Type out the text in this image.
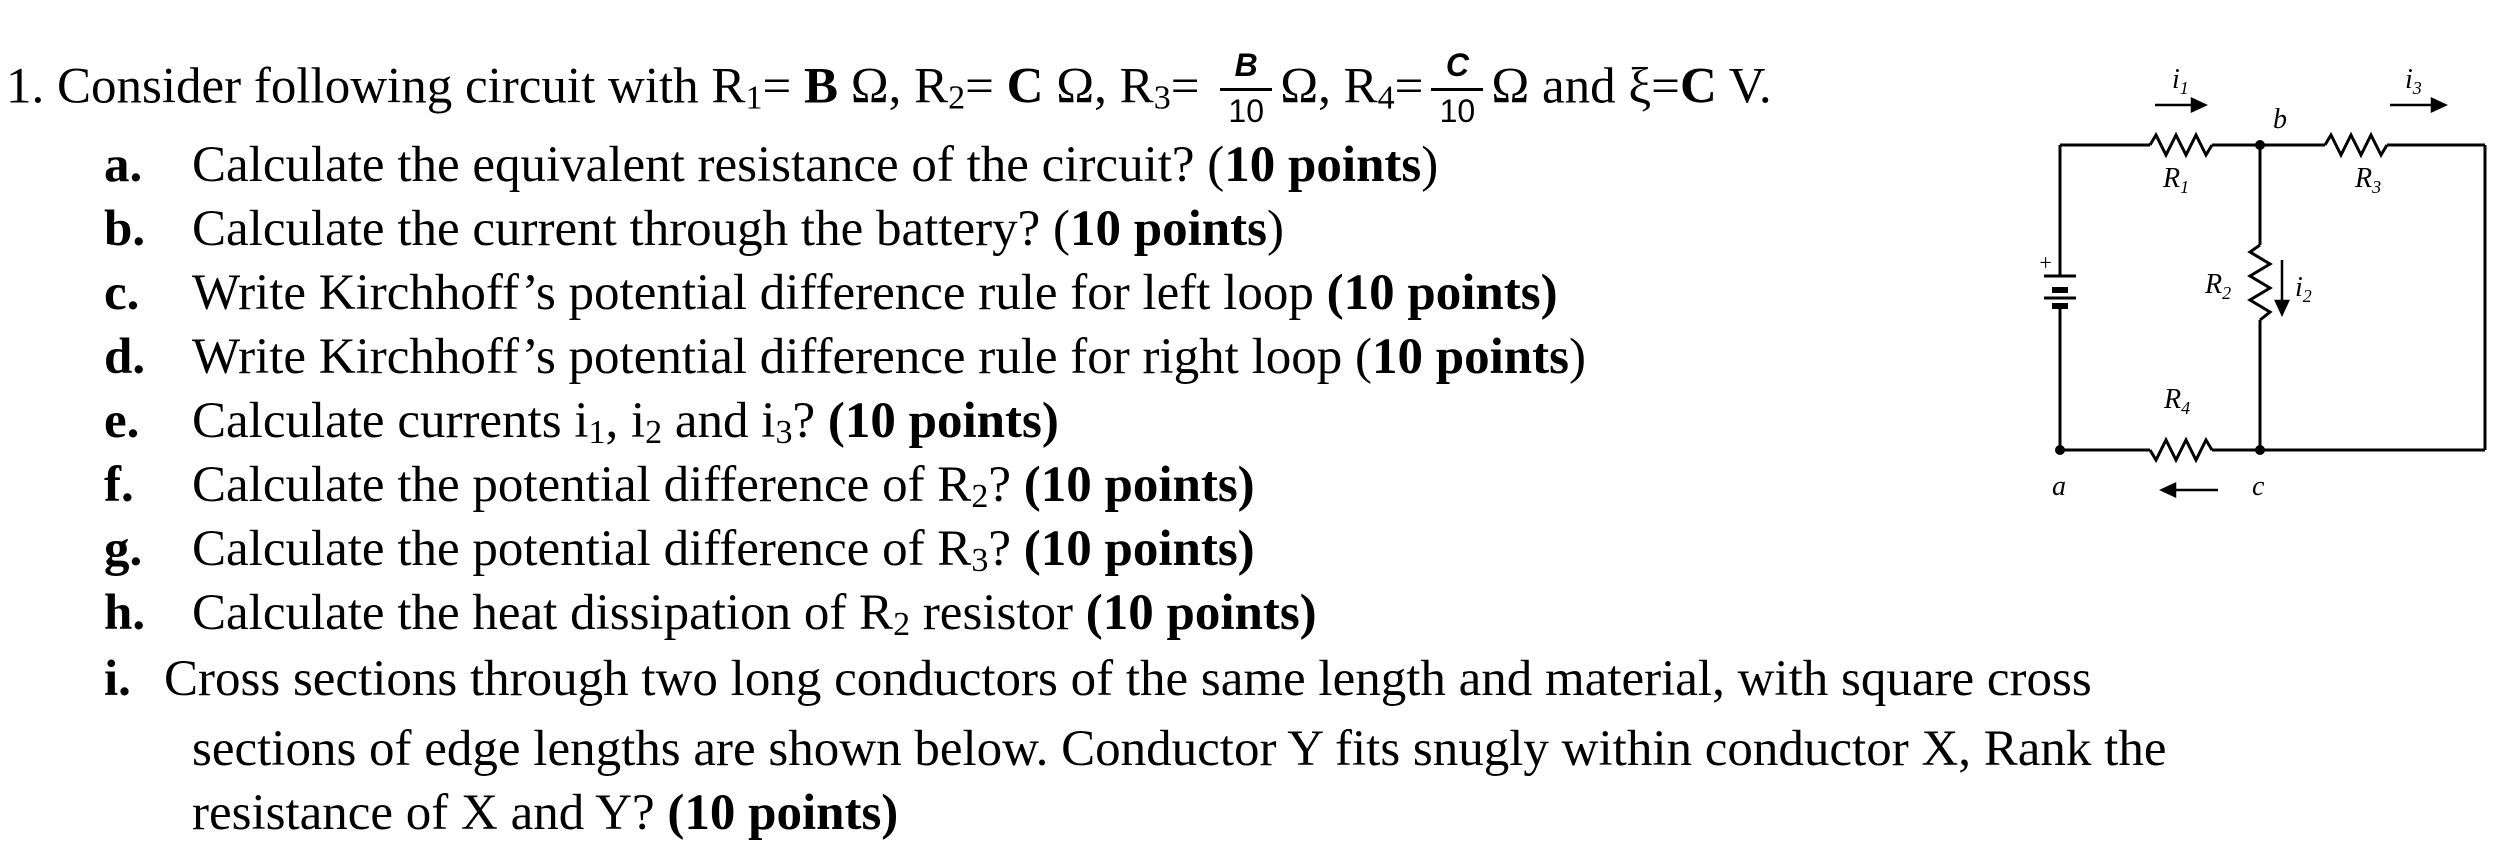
1. Consider following circuit with R1= B Ω, R2= C Ω, $R3= \frac{B}{10} \Omega$, $R4= \frac{C}{10}$ Ω and ξ=C V.
a. Calculate the equivalent resistance of the circuit? (10 points)
b. Calculate the current through the battery? (10 points)
c. Write Kirchhoff’s potential difference rule for left loop (10 points)
d. Write Kirchhoff’s potential difference rule for right loop (10 points)
e. Calculate currents i1, i2 and i3? (10 points)
f. Calculate the potential difference of R2? (10 points)
g. Calculate the potential difference of R3? (10 points)
h. Calculate the heat dissipation of R2 resistor (10 points)
i. Cross sections through two long conductors of the same length and material, with square cross
sections of edge lengths are shown below. Conductor Y fits snugly within conductor X, Rank the
resistance of X and Y? (10 points)
$i_1$	$i_3$
b
$R_1$	$R_3$
$R_2$ $i_2$
$R_4$
a	c
+
